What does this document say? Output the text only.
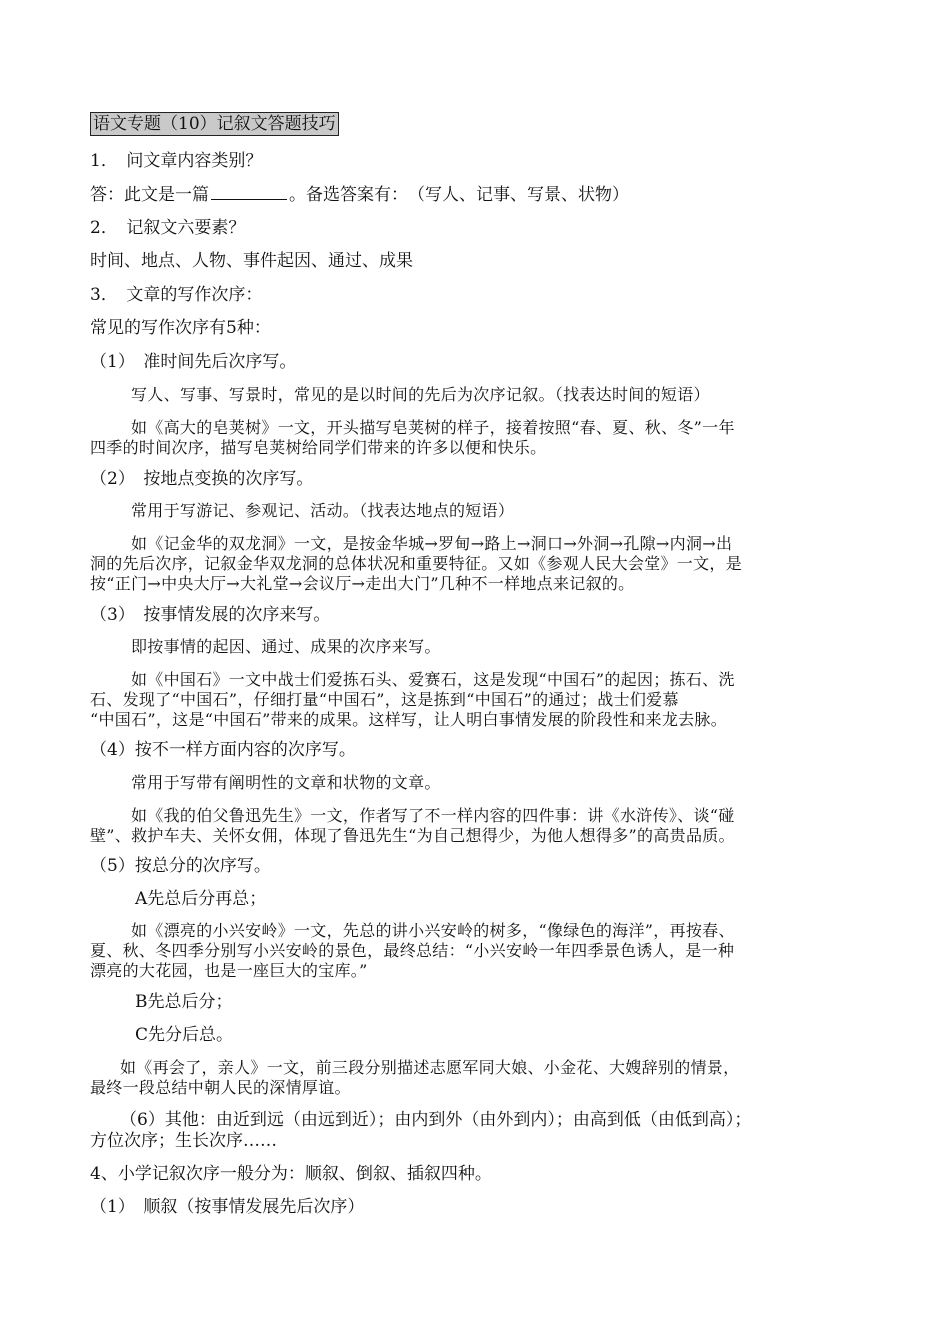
语文专题（10）记叙文答题技巧
1．　问文章内容类别？
答：此文是一篇	。备选答案有：　（写人、记事、写景、状物）
2．　记叙文六要素？
时间、地点、人物、事件起因、通过、成果
3．　文章的写作次序：
常见的写作次序有5种：
（1）　准时间先后次序写。
写人、写事、写景时，常见的是以时间的先后为次序记叙。（找表达时间的短语）
如《高大的皂荚树》一文，开头描写皂荚树的样子，接着按照“春、夏、秋、冬”一年
四季的时间次序，描写皂荚树给同学们带来的许多以便和快乐。
（2）　按地点变换的次序写。
常用于写游记、参观记、活动。（找表达地点的短语）
如《记金华的双龙洞》一文，是按金华城→罗甸→路上→洞口→外洞→孔隙→内洞→出
洞的先后次序，记叙金华双龙洞的总体状况和重要特征。又如《参观人民大会堂》一文，是
按“正门→中央大厅→大礼堂→会议厅→走出大门”几种不一样地点来记叙的。
（3）　按事情发展的次序来写。
即按事情的起因、通过、成果的次序来写。
如《中国石》一文中战士们爱拣石头、爱赛石，这是发现“中国石”的起因；拣石、洗
石、发现了“中国石”，仔细打量“中国石”，这是拣到“中国石”的通过；战士们爱慕
“中国石”，这是“中国石”带来的成果。这样写，让人明白事情发展的阶段性和来龙去脉。
（4）按不一样方面内容的次序写。
常用于写带有阐明性的文章和状物的文章。
如《我的伯父鲁迅先生》一文，作者写了不一样内容的四件事：讲《水浒传》、谈“碰
壁”、救护车夫、关怀女佣，体现了鲁迅先生“为自己想得少，为他人想得多”的高贵品质。
（5）按总分的次序写。
A先总后分再总；
如《漂亮的小兴安岭》一文，先总的讲小兴安岭的树多，“像绿色的海洋”，再按春、
夏、秋、冬四季分别写小兴安岭的景色，最终总结：“小兴安岭一年四季景色诱人，是一种
漂亮的大花园，也是一座巨大的宝库。”
B先总后分；
C先分后总。
如《再会了，亲人》一文，前三段分别描述志愿军同大娘、小金花、大嫂辞别的情景，
最终一段总结中朝人民的深情厚谊。
（6）其他：由近到远（由远到近）；由内到外（由外到内）；由高到低（由低到高）；
方位次序；生长次序……
4、小学记叙次序一般分为：顺叙、倒叙、插叙四种。
（1）　顺叙（按事情发展先后次序）
